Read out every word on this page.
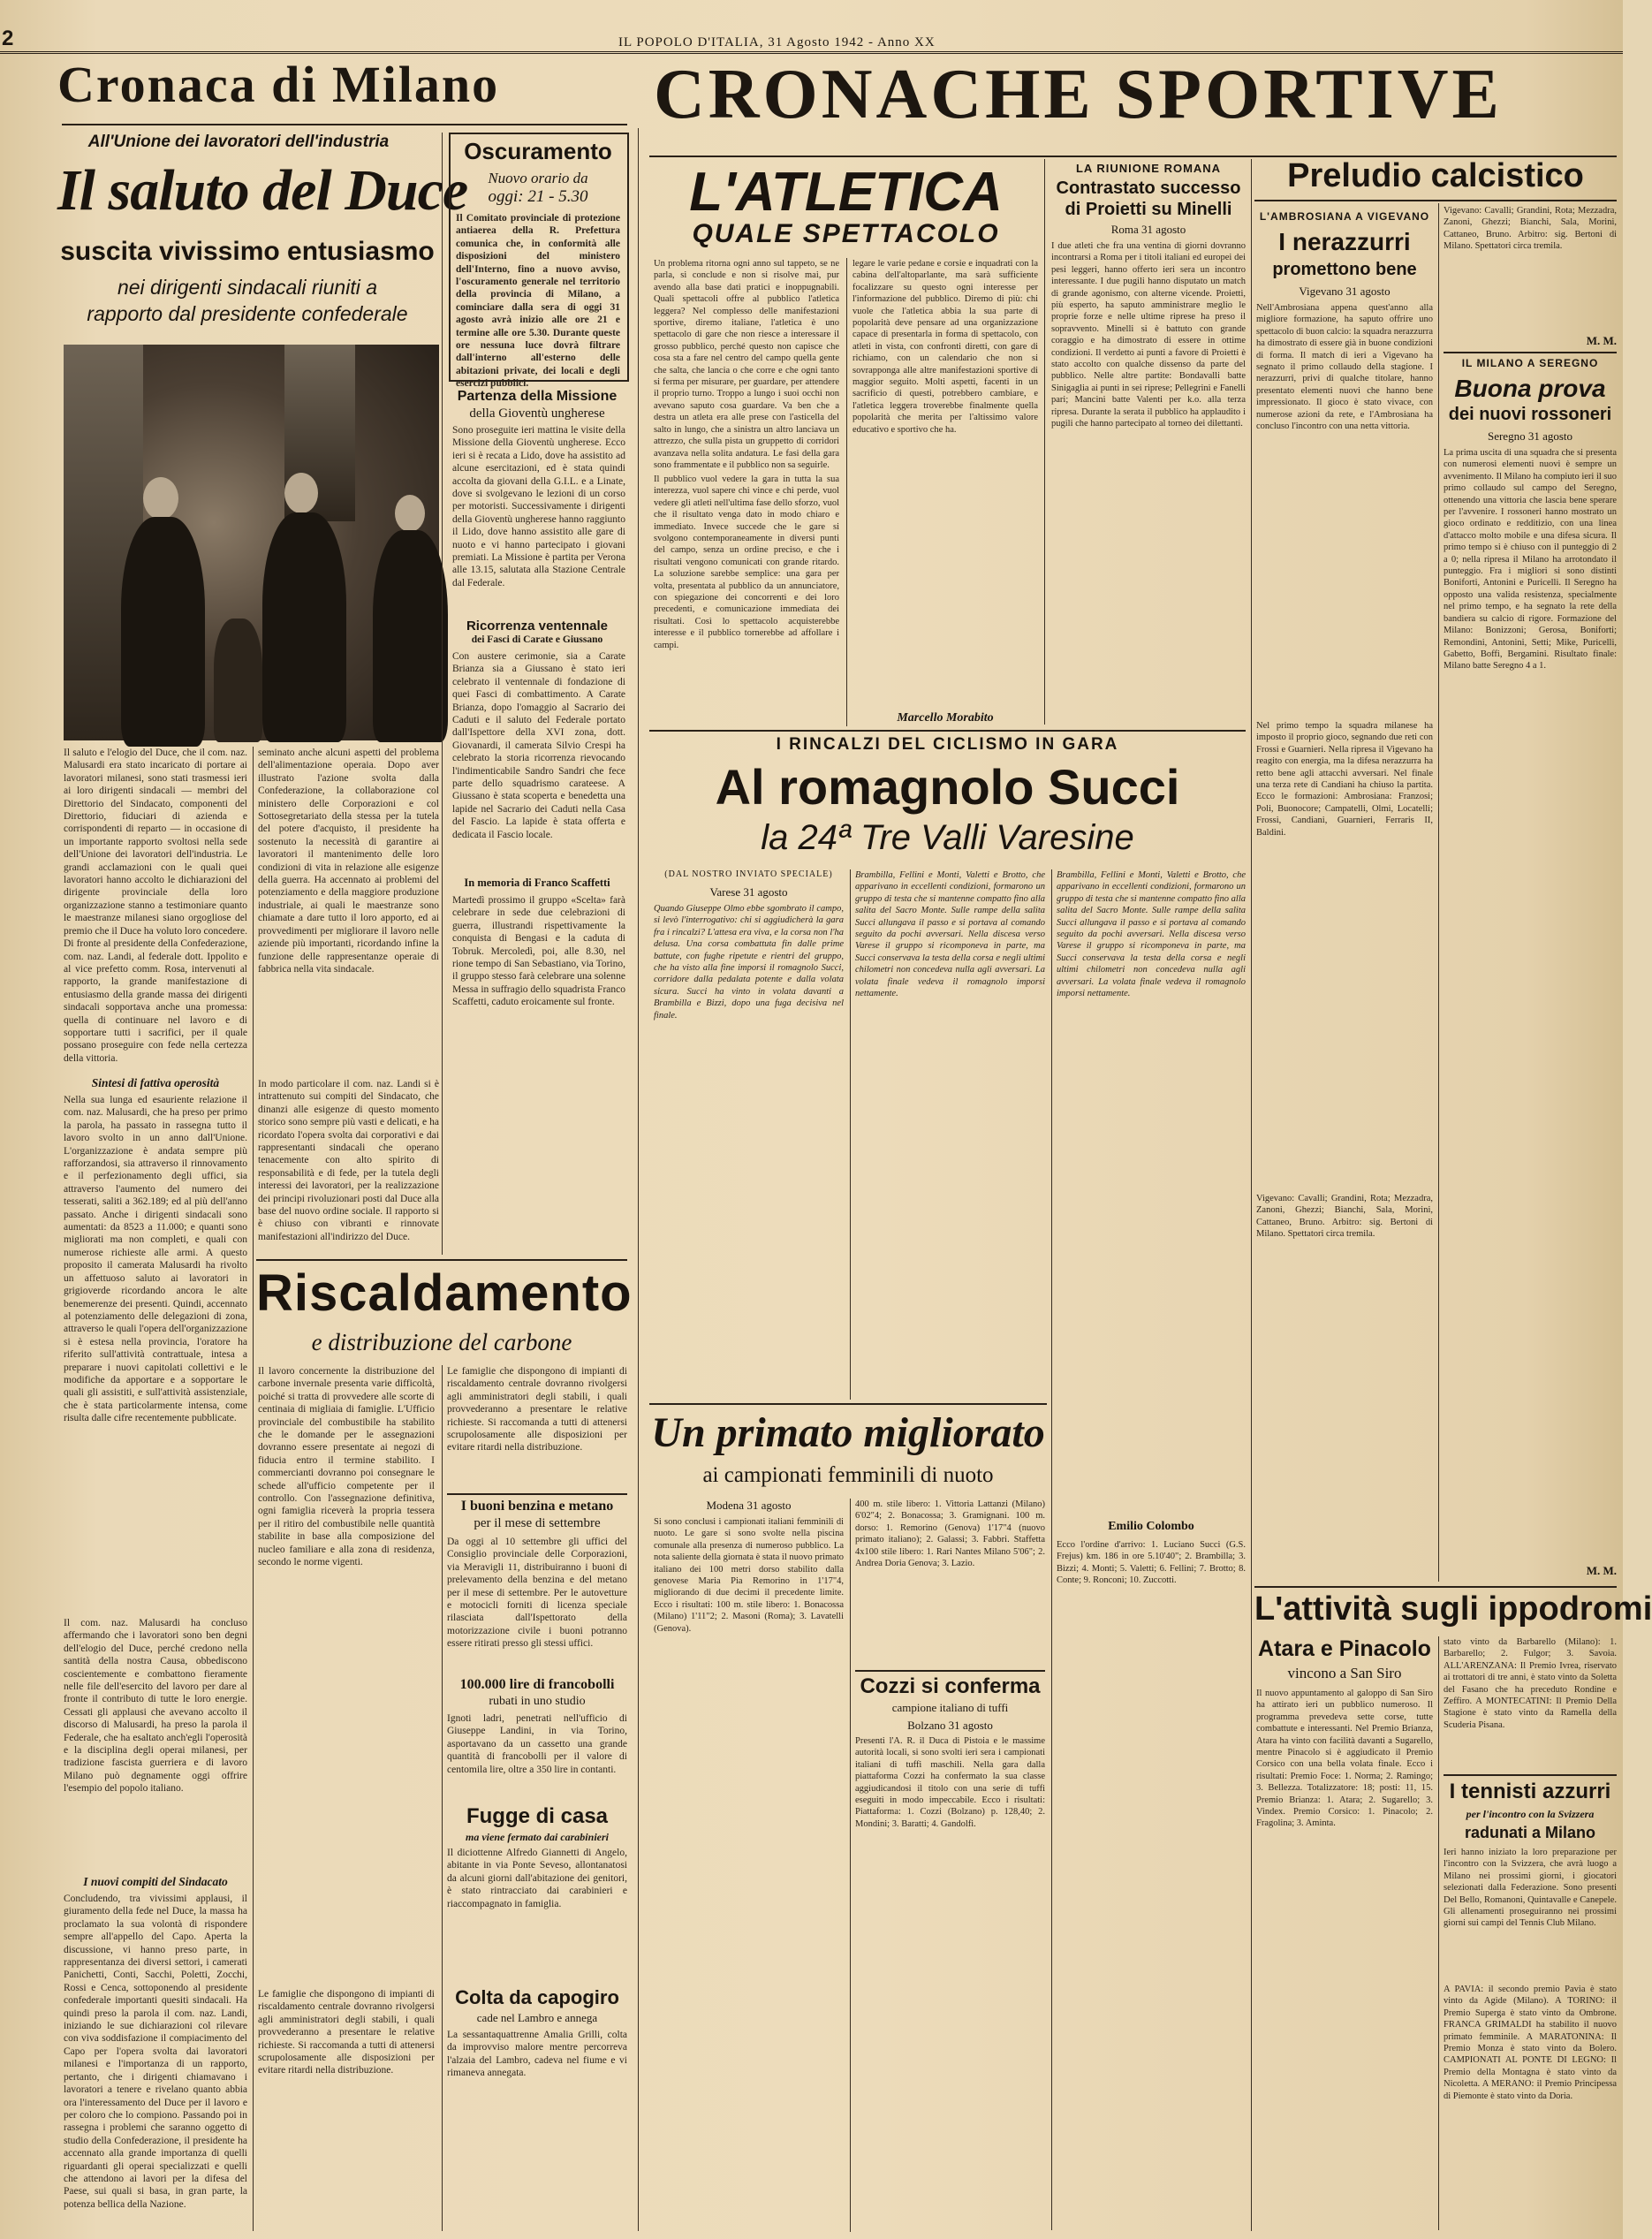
2	IL POPOLO D'ITALIA, 31 Agosto 1942 - Anno XX
Cronaca di Milano CRONACHE SPORTIVE
All'Unione dei lavoratori dell'industria
Il saluto del Duce
suscita vivissimo entusiasmo
nei dirigenti sindacali riuniti a
rapporto dal presidente confederale
Il saluto e l'elogio del Duce, che il com. naz. Malusardi era stato incaricato di portare ai lavoratori milanesi, sono stati trasmessi ieri ai loro dirigenti sindacali — membri del Direttorio del Sindacato, componenti del Direttorio, fiduciari di azienda e corrispondenti di reparto — in occasione di un importante rapporto svoltosi nella sede dell'Unione dei lavoratori dell'industria. Le grandi acclamazioni con le quali quei lavoratori hanno accolto le dichiarazioni del dirigente provinciale della loro organizzazione stanno a testimoniare quanto le maestranze milanesi siano orgogliose del premio che il Duce ha voluto loro concedere. Di fronte al presidente della Confederazione, com. naz. Landi, al federale dott. Ippolito e al vice prefetto comm. Rosa, intervenuti al rapporto, la grande manifestazione di entusiasmo della grande massa dei dirigenti sindacali sopportava anche una promessa: quella di continuare nel lavoro e di sopportare tutti i sacrifici, per il quale possano proseguire con fede nella certezza della vittoria.
Sintesi di fattiva operosità
Nella sua lunga ed esauriente relazione il com. naz. Malusardi, che ha preso per primo la parola, ha passato in rassegna tutto il lavoro svolto in un anno dall'Unione. L'organizzazione è andata sempre più rafforzandosi, sia attraverso il rinnovamento e il perfezionamento degli uffici, sia attraverso l'aumento del numero dei tesserati, saliti a 362.189; ed al più dell'anno passato. Anche i dirigenti sindacali sono aumentati: da 8523 a 11.000; e quanti sono migliorati ma non completi, e quali con numerose richieste alle armi. A questo proposito il camerata Malusardi ha rivolto un affettuoso saluto ai lavoratori in grigioverde ricordando ancora le alte benemerenze dei presenti. Quindi, accennato al potenziamento delle delegazioni di zona, attraverso le quali l'opera dell'organizzazione si è estesa nella provincia, l'oratore ha riferito sull'attività contrattuale, intesa a preparare i nuovi capitolati collettivi e le modifiche da apportare e a sopportare le quali gli assistiti, e sull'attività assistenziale, che è stata particolarmente intensa, come risulta dalle cifre recentemente pubblicate.
Il com. naz. Malusardi ha concluso affermando che i lavoratori sono ben degni dell'elogio del Duce, perché credono nella santità della nostra Causa, obbediscono coscientemente e combattono fieramente nelle file dell'esercito del lavoro per dare al fronte il contributo di tutte le loro energie. Cessati gli applausi che avevano accolto il discorso di Malusardi, ha preso la parola il Federale, che ha esaltato anch'egli l'operosità e la disciplina degli operai milanesi, per tradizione fascista guerriera e di lavoro Milano può degnamente oggi offrire l'esempio del popolo italiano.
I nuovi compiti del Sindacato
Concludendo, tra vivissimi applausi, il giuramento della fede nel Duce, la massa ha proclamato la sua volontà di rispondere sempre all'appello del Capo. Aperta la discussione, vi hanno preso parte, in rappresentanza dei diversi settori, i camerati Panichetti, Conti, Sacchi, Poletti, Zocchi, Rossi e Cenca, sottoponendo al presidente confederale importanti quesiti sindacali. Ha quindi preso la parola il com. naz. Landi, iniziando le sue dichiarazioni col rilevare con viva soddisfazione il compiacimento del Capo per l'opera svolta dai lavoratori milanesi e l'importanza di un rapporto, pertanto, che i dirigenti chiamavano i lavoratori a tenere e rivelano quanto abbia ora l'interessamento del Duce per il lavoro e per coloro che lo compiono. Passando poi in rassegna i problemi che saranno oggetto di studio della Confederazione, il presidente ha accennato alla grande importanza di quelli riguardanti gli operai specializzati e quelli che attendono ai lavori per la difesa del Paese, sui quali si basa, in gran parte, la potenza bellica della Nazione.
seminato anche alcuni aspetti del problema dell'alimentazione operaia. Dopo aver illustrato l'azione svolta dalla Confederazione, la collaborazione col ministero delle Corporazioni e col Sottosegretariato della stessa per la tutela del potere d'acquisto, il presidente ha sostenuto la necessità di garantire ai lavoratori il mantenimento delle loro condizioni di vita in relazione alle esigenze della guerra. Ha accennato ai problemi del potenziamento e della maggiore produzione industriale, ai quali le maestranze sono chiamate a dare tutto il loro apporto, ed ai provvedimenti per migliorare il lavoro nelle aziende più importanti, ricordando infine la funzione delle rappresentanze operaie di fabbrica nella vita sindacale.
In modo particolare il com. naz. Landi si è intrattenuto sui compiti del Sindacato, che dinanzi alle esigenze di questo momento storico sono sempre più vasti e delicati, e ha ricordato l'opera svolta dai corporativi e dai rappresentanti sindacali che operano tenacemente con alto spirito di responsabilità e di fede, per la tutela degli interessi dei lavoratori, per la realizzazione dei principi rivoluzionari posti dal Duce alla base del nuovo ordine sociale. Il rapporto si è chiuso con vibranti e rinnovate manifestazioni all'indirizzo del Duce.
Riscaldamento
e distribuzione del carbone
Il lavoro concernente la distribuzione del carbone invernale presenta varie difficoltà, poiché si tratta di provvedere alle scorte di centinaia di migliaia di famiglie. L'Ufficio provinciale del combustibile ha stabilito che le domande per le assegnazioni dovranno essere presentate ai negozi di fiducia entro il termine stabilito. I commercianti dovranno poi consegnare le schede all'ufficio competente per il controllo. Con l'assegnazione definitiva, ogni famiglia riceverà la propria tessera per il ritiro del combustibile nelle quantità stabilite in base alla composizione del nucleo familiare e alla zona di residenza, secondo le norme vigenti.
Le famiglie che dispongono di impianti di riscaldamento centrale dovranno rivolgersi agli amministratori degli stabili, i quali provvederanno a presentare le relative richieste. Si raccomanda a tutti di attenersi scrupolosamente alle disposizioni per evitare ritardi nella distribuzione.
Le famiglie che dispongono di impianti di riscaldamento centrale dovranno rivolgersi agli amministratori degli stabili, i quali provvederanno a presentare le relative richieste. Si raccomanda a tutti di attenersi scrupolosamente alle disposizioni per evitare ritardi nella distribuzione.
I buoni benzina e metano
per il mese di settembre
Da oggi al 10 settembre gli uffici del Consiglio provinciale delle Corporazioni, via Meravigli 11, distribuiranno i buoni di prelevamento della benzina e del metano per il mese di settembre. Per le autovetture e motocicli forniti di licenza speciale rilasciata dall'Ispettorato della motorizzazione civile i buoni potranno essere ritirati presso gli stessi uffici.
100.000 lire di francobolli
rubati in uno studio
Ignoti ladri, penetrati nell'ufficio di Giuseppe Landini, in via Torino, asportavano da un cassetto una grande quantità di francobolli per il valore di centomila lire, oltre a 350 lire in contanti.
Fugge di casa
ma viene fermato dai carabinieri
Il diciottenne Alfredo Giannetti di Angelo, abitante in via Ponte Seveso, allontanatosi da alcuni giorni dall'abitazione dei genitori, è stato rintracciato dai carabinieri e riaccompagnato in famiglia.
Colta da capogiro
cade nel Lambro e annega
La sessantaquattrenne Amalia Grilli, colta da improvviso malore mentre percorreva l'alzaia del Lambro, cadeva nel fiume e vi rimaneva annegata.
Oscuramento
Nuovo orario da
oggi: 21 - 5.30
Il Comitato provinciale di protezione antiaerea della R. Prefettura comunica che, in conformità alle disposizioni del ministero dell'Interno, fino a nuovo avviso, l'oscuramento generale nel territorio della provincia di Milano, a cominciare dalla sera di oggi 31 agosto avrà inizio alle ore 21 e termine alle ore 5.30. Durante queste ore nessuna luce dovrà filtrare dall'interno all'esterno delle abitazioni private, dei locali e degli esercizi pubblici.
Partenza della Missione
della Gioventù ungherese
Sono proseguite ieri mattina le visite della Missione della Gioventù ungherese. Ecco ieri si è recata a Lido, dove ha assistito ad alcune esercitazioni, ed è stata quindi accolta da giovani della G.I.L. e a Linate, dove si svolgevano le lezioni di un corso per motoristi. Successivamente i dirigenti della Gioventù ungherese hanno raggiunto il Lido, dove hanno assistito alle gare di nuoto e vi hanno partecipato i giovani premiati. La Missione è partita per Verona alle 13.15, salutata alla Stazione Centrale dal Federale.
Ricorrenza ventennale
dei Fasci di Carate e Giussano
Con austere cerimonie, sia a Carate Brianza sia a Giussano è stato ieri celebrato il ventennale di fondazione di quei Fasci di combattimento. A Carate Brianza, dopo l'omaggio al Sacrario dei Caduti e il saluto del Federale portato dall'Ispettore della XVI zona, dott. Giovanardi, il camerata Silvio Crespi ha celebrato la storia ricorrenza rievocando l'indimenticabile Sandro Sandri che fece parte dello squadrismo carateese. A Giussano è stata scoperta e benedetta una lapide nel Sacrario dei Caduti nella Casa del Fascio. La lapide è stata offerta e dedicata il Fascio locale.
In memoria di Franco Scaffetti
Martedì prossimo il gruppo «Scelta» farà celebrare in sede due celebrazioni di guerra, illustrandi rispettivamente la conquista di Bengasi e la caduta di Tobruk. Mercoledì, poi, alle 8.30, nel rione tempo di San Sebastiano, via Torino, il gruppo stesso farà celebrare una solenne Messa in suffragio dello squadrista Franco Scaffetti, caduto eroicamente sul fronte.
L'ATLETICA
QUALE SPETTACOLO
Un problema ritorna ogni anno sul tappeto, se ne parla, si conclude e non si risolve mai, pur avendo alla base dati pratici e inoppugnabili. Quali spettacoli offre al pubblico l'atletica leggera? Nel complesso delle manifestazioni sportive, diremo italiane, l'atletica è uno spettacolo di gare che non riesce a interessare il grosso pubblico, perché questo non capisce che cosa sta a fare nel centro del campo quella gente che salta, che lancia o che corre e che ogni tanto si ferma per misurare, per guardare, per attendere il proprio turno. Troppo a lungo i suoi occhi non avevano saputo cosa guardare. Va ben che a destra un atleta era alle prese con l'asticella del salto in lungo, che a sinistra un altro lanciava un attrezzo, che sulla pista un gruppetto di corridori avanzava nella solita andatura. Le fasi della gara sono frammentate e il pubblico non sa seguirle.
Il pubblico vuol vedere la gara in tutta la sua interezza, vuol sapere chi vince e chi perde, vuol vedere gli atleti nell'ultima fase dello sforzo, vuol che il risultato venga dato in modo chiaro e immediato. Invece succede che le gare si svolgono contemporaneamente in diversi punti del campo, senza un ordine preciso, e che i risultati vengono comunicati con grande ritardo. La soluzione sarebbe semplice: una gara per volta, presentata al pubblico da un annunciatore, con spiegazione dei concorrenti e dei loro precedenti, e comunicazione immediata dei risultati. Così lo spettacolo acquisterebbe interesse e il pubblico tornerebbe ad affollare i campi.
legare le varie pedane e corsie e inquadrati con la cabina dell'altoparlante, ma sarà sufficiente focalizzare su questo ogni interesse per l'informazione del pubblico. Diremo di più: chi vuole che l'atletica abbia la sua parte di popolarità deve pensare ad una organizzazione capace di presentarla in forma di spettacolo, con atleti in vista, con confronti diretti, con gare di richiamo, con un calendario che non si sovrapponga alle altre manifestazioni sportive di maggior seguito. Molti aspetti, facenti in un sacrificio di questi, potrebbero cambiare, e l'atletica leggera troverebbe finalmente quella popolarità che merita per l'altissimo valore educativo e sportivo che ha.
Marcello Morabito
LA RIUNIONE ROMANA
Contrastato successo
di Proietti su Minelli
Roma 31 agosto
I due atleti che fra una ventina di giorni dovranno incontrarsi a Roma per i titoli italiani ed europei dei pesi leggeri, hanno offerto ieri sera un incontro interessante. I due pugili hanno disputato un match di grande agonismo, con alterne vicende. Proietti, più esperto, ha saputo amministrare meglio le proprie forze e nelle ultime riprese ha preso il sopravvento. Minelli si è battuto con grande coraggio e ha dimostrato di essere in ottime condizioni. Il verdetto ai punti a favore di Proietti è stato accolto con qualche dissenso da parte del pubblico. Nelle altre partite: Bondavalli batte Sinigaglia ai punti in sei riprese; Pellegrini e Fanelli pari; Mancini batte Valenti per k.o. alla terza ripresa. Durante la serata il pubblico ha applaudito i pugili che hanno partecipato al torneo dei dilettanti.
I RINCALZI DEL CICLISMO IN GARA
Al romagnolo Succi
la 24ª Tre Valli Varesine
(DAL NOSTRO INVIATO SPECIALE)
Varese 31 agosto
Quando Giuseppe Olmo ebbe sgombrato il campo, si levò l'interrogativo: chi si aggiudicherà la gara fra i rincalzi? L'attesa era viva, e la corsa non l'ha delusa. Una corsa combattuta fin dalle prime battute, con fughe ripetute e rientri del gruppo, che ha visto alla fine imporsi il romagnolo Succi, corridore dalla pedalata potente e dalla volata sicura. Succi ha vinto in volata davanti a Brambilla e Bizzi, dopo una fuga decisiva nel finale.
Brambilla, Fellini e Monti, Valetti e Brotto, che apparivano in eccellenti condizioni, formarono un gruppo di testa che si mantenne compatto fino alla salita del Sacro Monte. Sulle rampe della salita Succi allungava il passo e si portava al comando seguito da pochi avversari. Nella discesa verso Varese il gruppo si ricomponeva in parte, ma Succi conservava la testa della corsa e negli ultimi chilometri non concedeva nulla agli avversari. La volata finale vedeva il romagnolo imporsi nettamente.
Brambilla, Fellini e Monti, Valetti e Brotto, che apparivano in eccellenti condizioni, formarono un gruppo di testa che si mantenne compatto fino alla salita del Sacro Monte. Sulle rampe della salita Succi allungava il passo e si portava al comando seguito da pochi avversari. Nella discesa verso Varese il gruppo si ricomponeva in parte, ma Succi conservava la testa della corsa e negli ultimi chilometri non concedeva nulla agli avversari. La volata finale vedeva il romagnolo imporsi nettamente.
Emilio Colombo
Ecco l'ordine d'arrivo: 1. Luciano Succi (G.S. Frejus) km. 186 in ore 5.10'40"; 2. Brambilla; 3. Bizzi; 4. Monti; 5. Valetti; 6. Fellini; 7. Brotto; 8. Conte; 9. Ronconi; 10. Zuccotti.
Un primato migliorato
ai campionati femminili di nuoto
Modena 31 agosto
Si sono conclusi i campionati italiani femminili di nuoto. Le gare si sono svolte nella piscina comunale alla presenza di numeroso pubblico. La nota saliente della giornata è stata il nuovo primato italiano dei 100 metri dorso stabilito dalla genovese Maria Pia Remorino in 1'17"4, migliorando di due decimi il precedente limite. Ecco i risultati: 100 m. stile libero: 1. Bonacossa (Milano) 1'11"2; 2. Masoni (Roma); 3. Lavatelli (Genova).
400 m. stile libero: 1. Vittoria Lattanzi (Milano) 6'02"4; 2. Bonacossa; 3. Gramignani. 100 m. dorso: 1. Remorino (Genova) 1'17"4 (nuovo primato italiano); 2. Galassi; 3. Fabbri. Staffetta 4x100 stile libero: 1. Rari Nantes Milano 5'06"; 2. Andrea Doria Genova; 3. Lazio.
Cozzi si conferma
campione italiano di tuffi
Bolzano 31 agosto
Presenti l'A. R. il Duca di Pistoia e le massime autorità locali, si sono svolti ieri sera i campionati italiani di tuffi maschili. Nella gara dalla piattaforma Cozzi ha confermato la sua classe aggiudicandosi il titolo con una serie di tuffi eseguiti in modo impeccabile. Ecco i risultati: Piattaforma: 1. Cozzi (Bolzano) p. 128,40; 2. Mondini; 3. Baratti; 4. Gandolfi.
Preludio calcistico
L'AMBROSIANA A VIGEVANO
I nerazzurri
promettono bene
Vigevano 31 agosto
Nell'Ambrosiana appena quest'anno alla migliore formazione, ha saputo offrire uno spettacolo di buon calcio: la squadra nerazzurra ha dimostrato di essere già in buone condizioni di forma. Il match di ieri a Vigevano ha segnato il primo collaudo della stagione. I nerazzurri, privi di qualche titolare, hanno presentato elementi nuovi che hanno bene impressionato. Il gioco è stato vivace, con numerose azioni da rete, e l'Ambrosiana ha concluso l'incontro con una netta vittoria.
Nel primo tempo la squadra milanese ha imposto il proprio gioco, segnando due reti con Frossi e Guarnieri. Nella ripresa il Vigevano ha reagito con energia, ma la difesa nerazzurra ha retto bene agli attacchi avversari. Nel finale una terza rete di Candiani ha chiuso la partita. Ecco le formazioni: Ambrosiana: Franzosi; Poli, Buonocore; Campatelli, Olmi, Locatelli; Frossi, Candiani, Guarnieri, Ferraris II, Baldini.
Vigevano: Cavalli; Grandini, Rota; Mezzadra, Zanoni, Ghezzi; Bianchi, Sala, Morini, Cattaneo, Bruno. Arbitro: sig. Bertoni di Milano. Spettatori circa tremila.
Vigevano: Cavalli; Grandini, Rota; Mezzadra, Zanoni, Ghezzi; Bianchi, Sala, Morini, Cattaneo, Bruno. Arbitro: sig. Bertoni di Milano. Spettatori circa tremila.
M. M.
IL MILANO A SEREGNO
Buona prova
dei nuovi rossoneri
Seregno 31 agosto
La prima uscita di una squadra che si presenta con numerosi elementi nuovi è sempre un avvenimento. Il Milano ha compiuto ieri il suo primo collaudo sul campo del Seregno, ottenendo una vittoria che lascia bene sperare per l'avvenire. I rossoneri hanno mostrato un gioco ordinato e redditizio, con una linea d'attacco molto mobile e una difesa sicura. Il primo tempo si è chiuso con il punteggio di 2 a 0; nella ripresa il Milano ha arrotondato il punteggio. Fra i migliori si sono distinti Boniforti, Antonini e Puricelli. Il Seregno ha opposto una valida resistenza, specialmente nel primo tempo, e ha segnato la rete della bandiera su calcio di rigore. Formazione del Milano: Bonizzoni; Gerosa, Boniforti; Remondini, Antonini, Setti; Mike, Puricelli, Gabetto, Boffi, Bergamini. Risultato finale: Milano batte Seregno 4 a 1.
M. M.
L'attività sugli ippodromi
Atara e Pinacolo
vincono a San Siro
Il nuovo appuntamento al galoppo di San Siro ha attirato ieri un pubblico numeroso. Il programma prevedeva sette corse, tutte combattute e interessanti. Nel Premio Brianza, Atara ha vinto con facilità davanti a Sugarello, mentre Pinacolo si è aggiudicato il Premio Corsico con una bella volata finale. Ecco i risultati: Premio Foce: 1. Norma; 2. Ramingo; 3. Bellezza. Totalizzatore: 18; posti: 11, 15. Premio Brianza: 1. Atara; 2. Sugarello; 3. Vindex. Premio Corsico: 1. Pinacolo; 2. Fragolina; 3. Aminta.
stato vinto da Barbarello (Milano): 1. Barbarello; 2. Fulgor; 3. Savoia. ALL'ARENZANA: Il Premio Ivrea, riservato ai trottatori di tre anni, è stato vinto da Soletta del Fasano che ha preceduto Rondine e Zeffiro. A MONTECATINI: Il Premio Della Stagione è stato vinto da Ramella della Scuderia Pisana.
I tennisti azzurri
per l'incontro con la Svizzera
radunati a Milano
Ieri hanno iniziato la loro preparazione per l'incontro con la Svizzera, che avrà luogo a Milano nei prossimi giorni, i giocatori selezionati dalla Federazione. Sono presenti Del Bello, Romanoni, Quintavalle e Canepele. Gli allenamenti proseguiranno nei prossimi giorni sui campi del Tennis Club Milano.
A PAVIA: il secondo premio Pavia è stato vinto da Agide (Milano). A TORINO: il Premio Superga è stato vinto da Ombrone. FRANCA GRIMALDI ha stabilito il nuovo primato femminile. A MARATONINA: Il Premio Monza è stato vinto da Bolero. CAMPIONATI AL PONTE DI LEGNO: Il Premio della Montagna è stato vinto da Nicoletta. A MERANO: il Premio Principessa di Piemonte è stato vinto da Doria.
